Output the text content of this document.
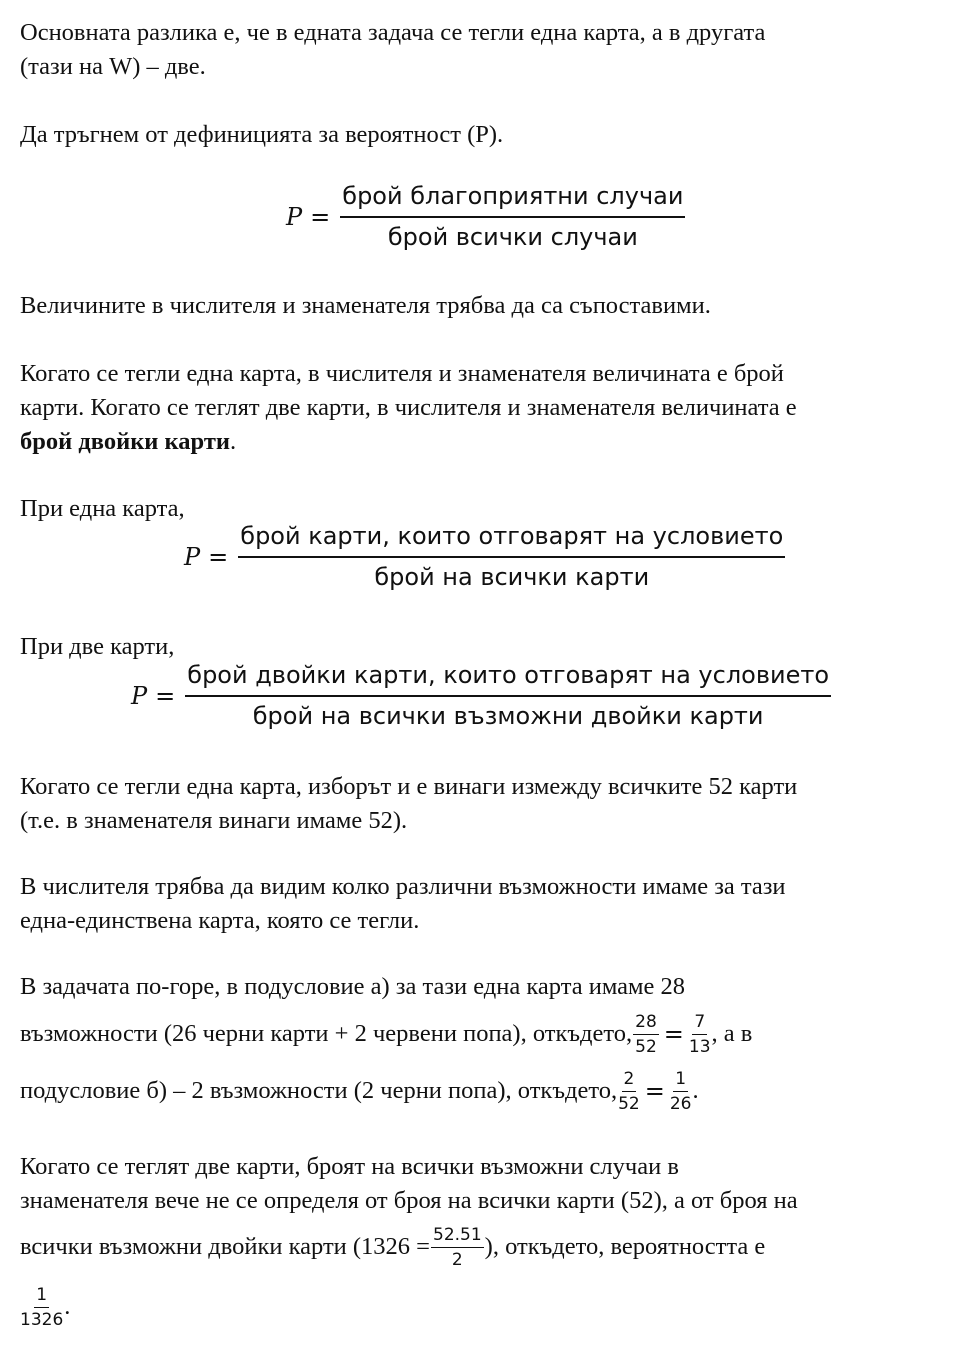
Основната разлика е, че в едната задача се тегли една карта, а в другата
(тази на W) – две.
Да тръгнем от дефиницията за вероятност (P).
$P = \frac{\text{брой благоприятни случаи}}{\text{брой всички случаи}}$
Величините в числителя и знаменателя трябва да са съпоставими.
Когато се тегли една карта, в числителя и знаменателя величината е брой
карти. Когато се теглят две карти, в числителя и знаменателя величината е
брой двойки карти.
При една карта,
$P = \frac{\text{брой карти, които отговарят на условието}}{\text{брой на всички карти}}$
При две карти,
$P = \frac{\text{брой двойки карти, които отговарят на условието}}{\text{брой на всички възможни двойки карти}}$
Когато се тегли една карта, изборът и е винаги измежду всичките 52 карти
(т.е. в знаменателя винаги имаме 52).
В числителя трябва да видим колко различни възможности имаме за тази
една-единствена карта, която се тегли.
В задачата по-горе, в подусловие а) за тази една карта имаме 28
възможности (26 черни карти + 2 червени попа), откъдето, $\frac{28}{52} = \frac{7}{13}$ , а в
подусловие б) – 2 възможности (2 черни попа), откъдето, $\frac{2}{52} = \frac{1}{26}$ .
Когато се теглят две карти, броят на всички възможни случаи в
знаменателя вече не се определя от броя на всички карти (52), а от броя на
всички възможни двойки карти ($1326 = \frac{52.51}{2}$ ), откъдето, вероятността е
$\frac{1}{1326}$ .
